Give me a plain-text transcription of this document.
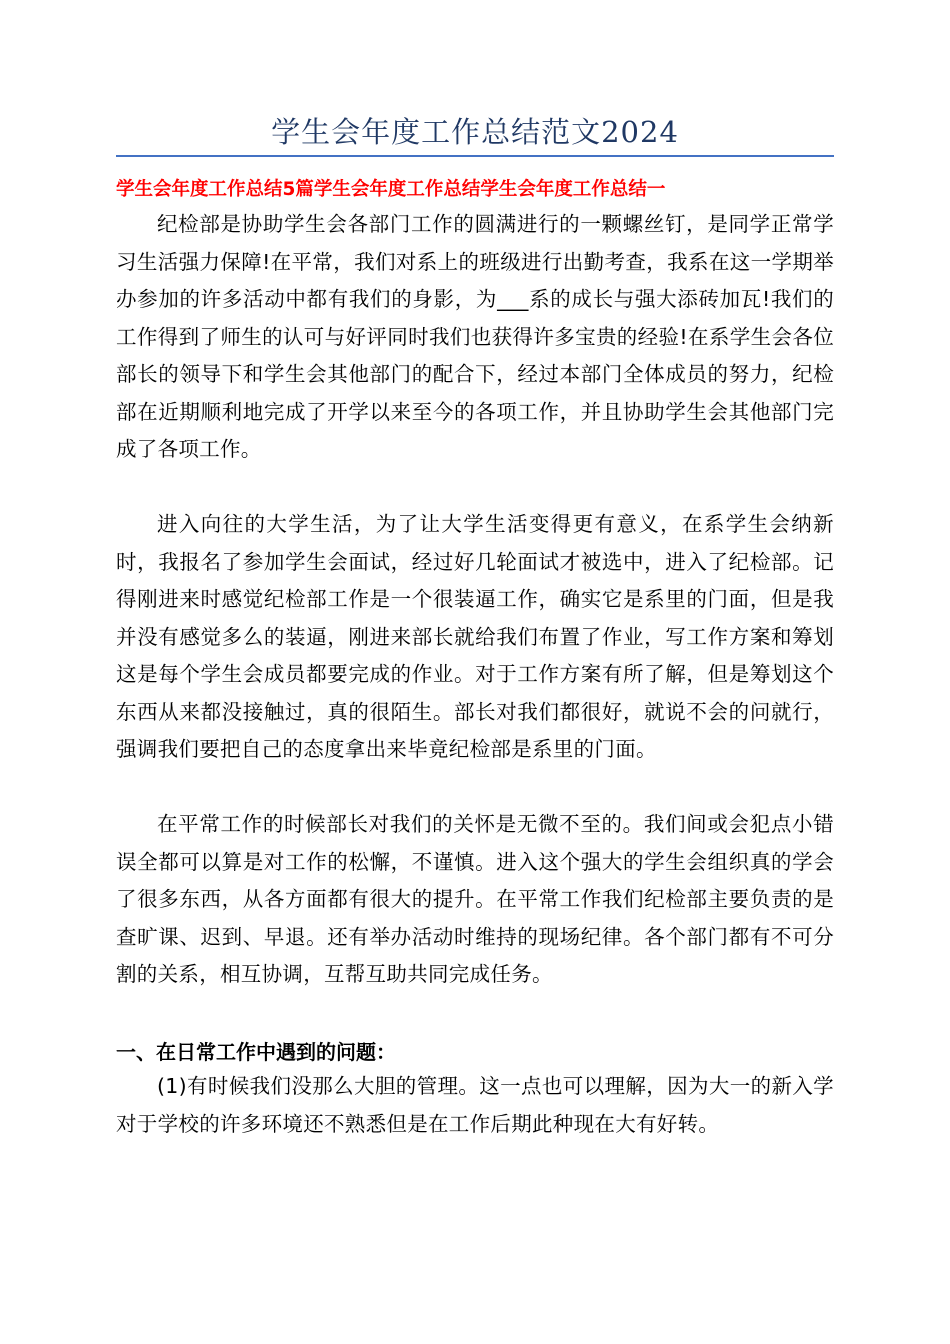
学生会年度工作总结范文2024
学生会年度工作总结5篇学生会年度工作总结学生会年度工作总结一

纪检部是协助学生会各部门工作的圆满进行的一颗螺丝钉，是同学正常学习生活强力保障!在平常，我们对系上的班级进行出勤考查，我系在这一学期举办参加的许多活动中都有我们的身影，为___系的成长与强大添砖加瓦!我们的工作得到了师生的认可与好评同时我们也获得许多宝贵的经验!在系学生会各位部长的领导下和学生会其他部门的配合下，经过本部门全体成员的努力，纪检部在近期顺利地完成了开学以来至今的各项工作，并且协助学生会其他部门完成了各项工作。

进入向往的大学生活，为了让大学生活变得更有意义，在系学生会纳新时，我报名了参加学生会面试，经过好几轮面试才被选中，进入了纪检部。记得刚进来时感觉纪检部工作是一个很装逼工作，确实它是系里的门面，但是我并没有感觉多么的装逼，刚进来部长就给我们布置了作业，写工作方案和筹划这是每个学生会成员都要完成的作业。对于工作方案有所了解，但是筹划这个东西从来都没接触过，真的很陌生。部长对我们都很好，就说不会的问就行，强调我们要把自己的态度拿出来毕竟纪检部是系里的门面。

在平常工作的时候部长对我们的关怀是无微不至的。我们间或会犯点小错误全都可以算是对工作的松懈，不谨慎。进入这个强大的学生会组织真的学会了很多东西，从各方面都有很大的提升。在平常工作我们纪检部主要负责的是查旷课、迟到、早退。还有举办活动时维持的现场纪律。各个部门都有不可分割的关系，相互协调，互帮互助共同完成任务。

一、在日常工作中遇到的问题：

(1)有时候我们没那么大胆的管理。这一点也可以理解，因为大一的新入学对于学校的许多环境还不熟悉但是在工作后期此种现在大有好转。
